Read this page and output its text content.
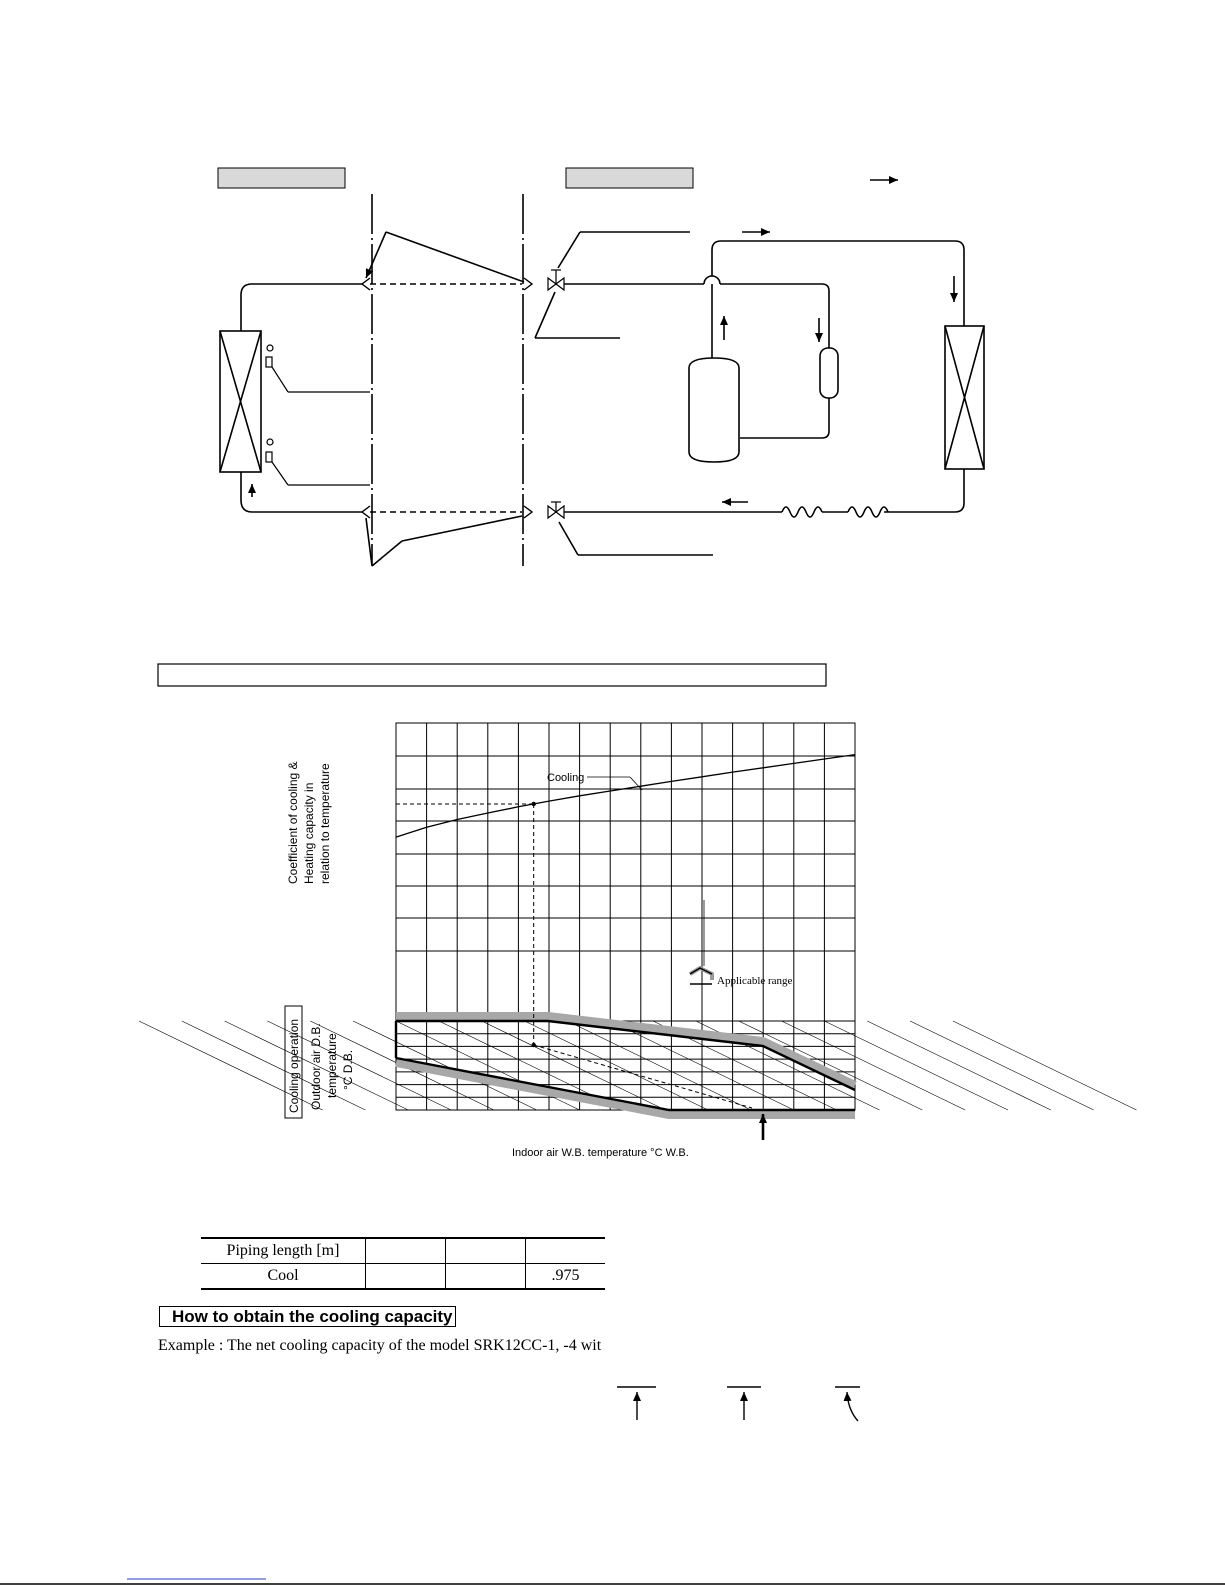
Applicable range
Cooling
Coefficient of cooling & Heating capacity in relation to temperature
Cooling operation Outdoor air D.B. temperature °C D.B.
Indoor air W.B. temperature °C W.B.
Piping length [m]			
Cool			.975
How to obtain the cooling capacity
Example : The net cooling capacity of the model SRK12CC-1, -4 wit
